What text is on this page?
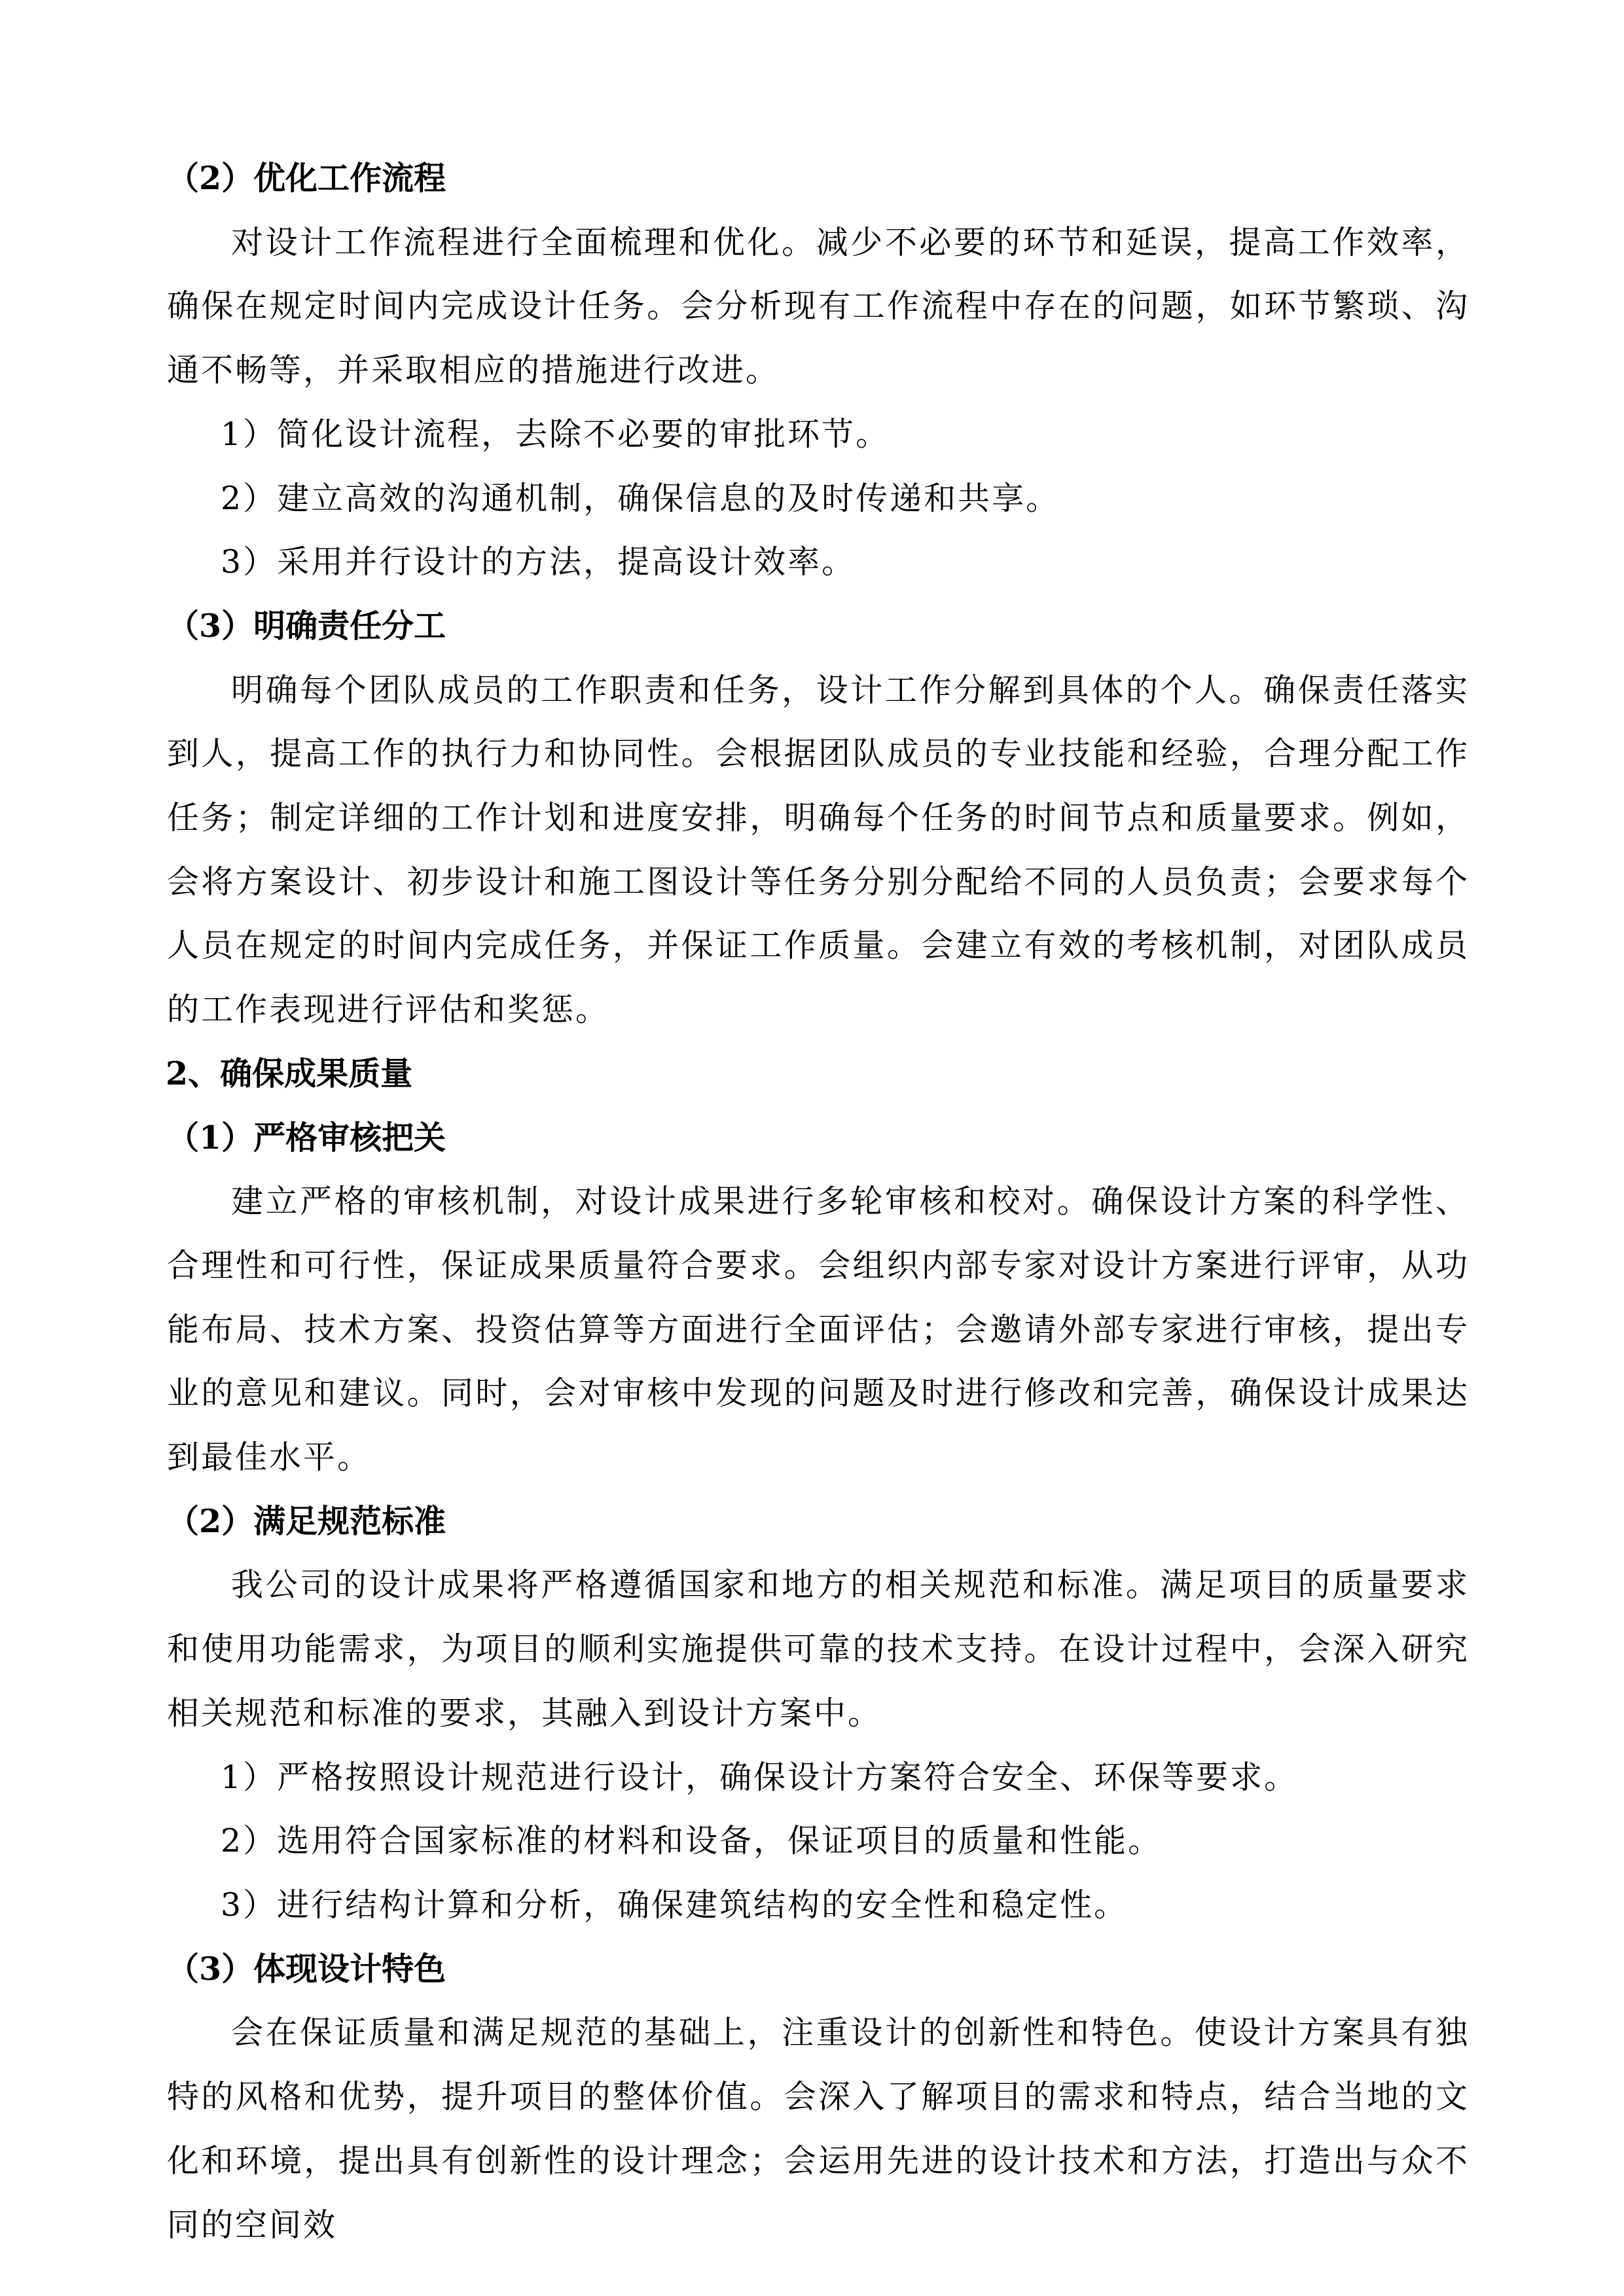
（2）优化工作流程

对设计工作流程进行全面梳理和优化。减少不必要的环节和延误，提高工作效率，确保在规定时间内完成设计任务。会分析现有工作流程中存在的问题，如环节繁琐、沟通不畅等，并采取相应的措施进行改进。

1）简化设计流程，去除不必要的审批环节。

2）建立高效的沟通机制，确保信息的及时传递和共享。

3）采用并行设计的方法，提高设计效率。

（3）明确责任分工

明确每个团队成员的工作职责和任务，设计工作分解到具体的个人。确保责任落实到人，提高工作的执行力和协同性。会根据团队成员的专业技能和经验，合理分配工作任务；制定详细的工作计划和进度安排，明确每个任务的时间节点和质量要求。例如，会将方案设计、初步设计和施工图设计等任务分别分配给不同的人员负责；会要求每个人员在规定的时间内完成任务，并保证工作质量。会建立有效的考核机制，对团队成员的工作表现进行评估和奖惩。

2、确保成果质量

（1）严格审核把关

建立严格的审核机制，对设计成果进行多轮审核和校对。确保设计方案的科学性、合理性和可行性，保证成果质量符合要求。会组织内部专家对设计方案进行评审，从功能布局、技术方案、投资估算等方面进行全面评估；会邀请外部专家进行审核，提出专业的意见和建议。同时，会对审核中发现的问题及时进行修改和完善，确保设计成果达到最佳水平。

（2）满足规范标准

我公司的设计成果将严格遵循国家和地方的相关规范和标准。满足项目的质量要求和使用功能需求，为项目的顺利实施提供可靠的技术支持。在设计过程中，会深入研究相关规范和标准的要求，其融入到设计方案中。

1）严格按照设计规范进行设计，确保设计方案符合安全、环保等要求。

2）选用符合国家标准的材料和设备，保证项目的质量和性能。

3）进行结构计算和分析，确保建筑结构的安全性和稳定性。

（3）体现设计特色

会在保证质量和满足规范的基础上，注重设计的创新性和特色。使设计方案具有独特的风格和优势，提升项目的整体价值。会深入了解项目的需求和特点，结合当地的文化和环境，提出具有创新性的设计理念；会运用先进的设计技术和方法，打造出与众不同的空间效
